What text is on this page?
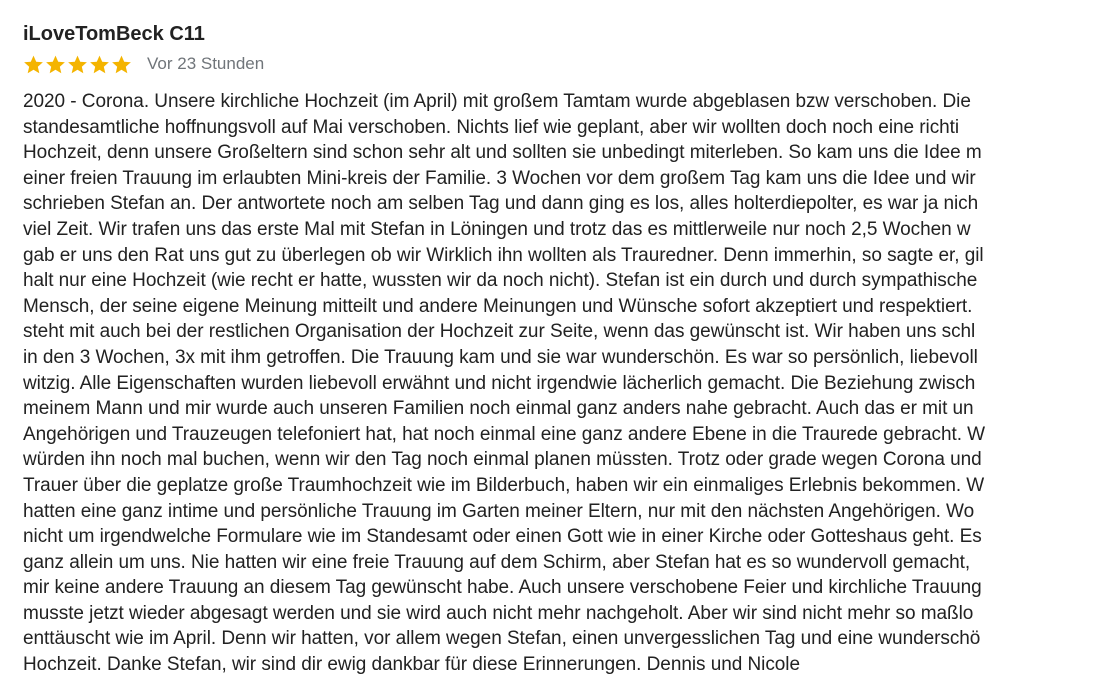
iLoveTomBeck C11
Vor 23 Stunden
2020 - Corona. Unsere kirchliche Hochzeit (im April) mit großem Tamtam wurde abgeblasen bzw verschoben. Die
standesamtliche hoffnungsvoll auf Mai verschoben. Nichts lief wie geplant, aber wir wollten doch noch eine richti
Hochzeit, denn unsere Großeltern sind schon sehr alt und sollten sie unbedingt miterleben. So kam uns die Idee m
einer freien Trauung im erlaubten Mini-kreis der Familie. 3 Wochen vor dem großem Tag kam uns die Idee und wir
schrieben Stefan an. Der antwortete noch am selben Tag und dann ging es los, alles holterdiepolter, es war ja nich
viel Zeit. Wir trafen uns das erste Mal mit Stefan in Löningen und trotz das es mittlerweile nur noch 2,5 Wochen w
gab er uns den Rat uns gut zu überlegen ob wir Wirklich ihn wollten als Trauredner. Denn immerhin, so sagte er, gil
halt nur eine Hochzeit (wie recht er hatte, wussten wir da noch nicht). Stefan ist ein durch und durch sympathische
Mensch, der seine eigene Meinung mitteilt und andere Meinungen und Wünsche sofort akzeptiert und respektiert.
steht mit auch bei der restlichen Organisation der Hochzeit zur Seite, wenn das gewünscht ist. Wir haben uns schl
in den 3 Wochen, 3x mit ihm getroffen. Die Trauung kam und sie war wunderschön. Es war so persönlich, liebevoll
witzig. Alle Eigenschaften wurden liebevoll erwähnt und nicht irgendwie lächerlich gemacht. Die Beziehung zwisch
meinem Mann und mir wurde auch unseren Familien noch einmal ganz anders nahe gebracht. Auch das er mit un
Angehörigen und Trauzeugen telefoniert hat, hat noch einmal eine ganz andere Ebene in die Traurede gebracht. W
würden ihn noch mal buchen, wenn wir den Tag noch einmal planen müssten. Trotz oder grade wegen Corona und
Trauer über die geplatze große Traumhochzeit wie im Bilderbuch, haben wir ein einmaliges Erlebnis bekommen. W
hatten eine ganz intime und persönliche Trauung im Garten meiner Eltern, nur mit den nächsten Angehörigen. Wo
nicht um irgendwelche Formulare wie im Standesamt oder einen Gott wie in einer Kirche oder Gotteshaus geht. Es
ganz allein um uns. Nie hatten wir eine freie Trauung auf dem Schirm, aber Stefan hat es so wundervoll gemacht,
mir keine andere Trauung an diesem Tag gewünscht habe. Auch unsere verschobene Feier und kirchliche Trauung
musste jetzt wieder abgesagt werden und sie wird auch nicht mehr nachgeholt. Aber wir sind nicht mehr so maßlo
enttäuscht wie im April. Denn wir hatten, vor allem wegen Stefan, einen unvergesslichen Tag und eine wunderschö
Hochzeit. Danke Stefan, wir sind dir ewig dankbar für diese Erinnerungen. Dennis und Nicole
